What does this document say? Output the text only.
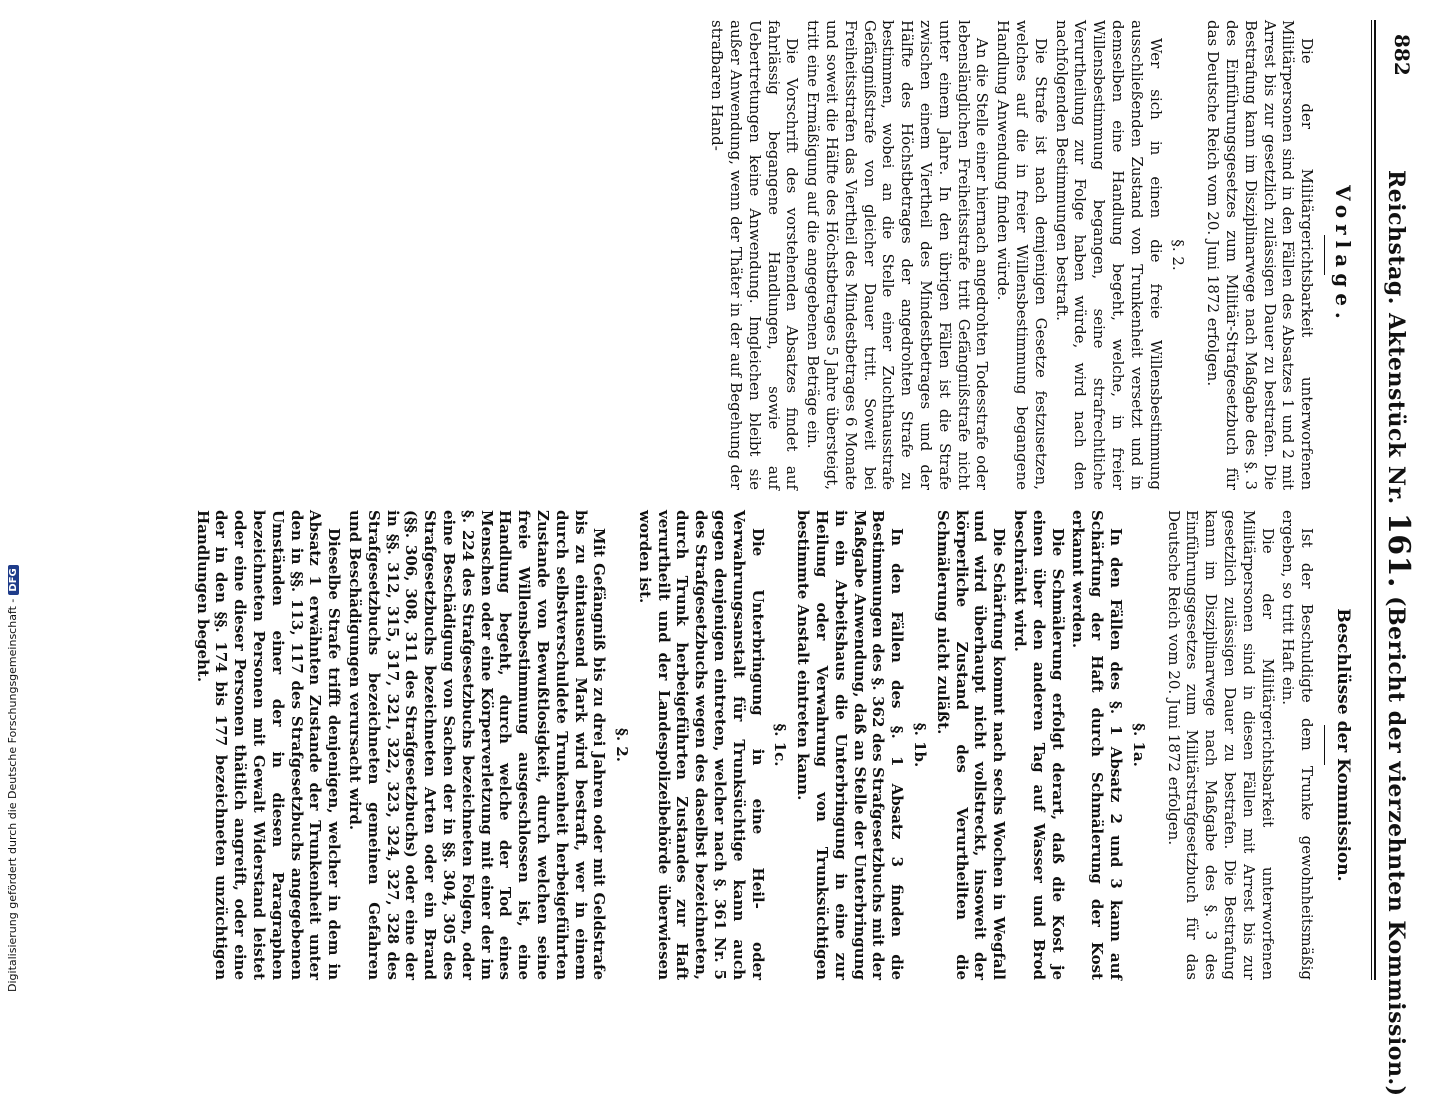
882
Reichstag. Aktenstück Nr. 161. (Bericht der vierzehnten Kommission.)
Vorlage.

Die der Militärgerichtsbarkeit unterworfenen Militärpersonen sind in den Fällen des Absatzes 1 und 2 mit Arrest bis zur gesetzlich zulässigen Dauer zu bestrafen. Die Bestrafung kann im Disziplinarwege nach Maßgabe des §. 3 des Einführungsgesetzes zum Militär-Strafgesetzbuch für das Deutsche Reich vom 20. Juni 1872 erfolgen.

§. 2.

Wer sich in einen die freie Willensbestimmung ausschließenden Zustand von Trunkenheit versetzt und in demselben eine Handlung begeht, welche, in freier Willensbestimmung begangen, seine strafrechtliche Verurtheilung zur Folge haben würde, wird nach den nachfolgenden Bestimmungen bestraft.

Die Strafe ist nach demjenigen Gesetze festzusetzen, welches auf die in freier Willensbestimmung begangene Handlung Anwendung finden würde.

An die Stelle einer hiernach angedrohten Todesstrafe oder lebenslänglichen Freiheitsstrafe tritt Gefängnißstrafe nicht unter einem Jahre. In den übrigen Fällen ist die Strafe zwischen einem Viertheil des Mindestbetrages und der Hälfte des Höchstbetrages der angedrohten Strafe zu bestimmen, wobei an die Stelle einer Zuchthausstrafe Gefängnißstrafe von gleicher Dauer tritt. Soweit bei Freiheitsstrafen das Viertheil des Mindestbetrages 6 Monate und soweit die Hälfte des Höchstbetrages 5 Jahre übersteigt, tritt eine Ermäßigung auf die angegebenen Beträge ein.

Die Vorschrift des vorstehenden Absatzes findet auf fahrlässig begangene Handlungen, sowie auf Uebertretungen keine Anwendung. Imgleichen bleibt sie außer Anwendung, wenn der Thäter in der auf Begehung der strafbaren Hand-

Beschlüsse der Kommission.

Ist der Beschuldigte dem Trunke gewohnheitsmäßig ergeben, so tritt Haft ein.

Die der Militärgerichtsbarkeit unterworfenen Militärpersonen sind in diesen Fällen mit Arrest bis zur gesetzlich zulässigen Dauer zu bestrafen. Die Bestrafung kann im Disziplinarwege nach Maßgabe des §. 3 des Einführungsgesetzes zum Militärstrafgesetzbuch für das Deutsche Reich vom 20. Juni 1872 erfolgen.

§. 1a.

In den Fällen des §. 1 Absatz 2 und 3 kann auf Schärfung der Haft durch Schmälerung der Kost erkannt werden.

Die Schmälerung erfolgt derart, daß die Kost je einen über den anderen Tag auf Wasser und Brod beschränkt wird.

Die Schärfung kommt nach sechs Wochen in Wegfall und wird überhaupt nicht vollstreckt, insoweit der körperliche Zustand des Verurtheilten die Schmälerung nicht zuläßt.

§. 1b.

In den Fällen des §. 1 Absatz 3 finden die Bestimmungen des §. 362 des Strafgesetzbuchs mit der Maßgabe Anwendung, daß an Stelle der Unterbringung in ein Arbeitshaus die Unterbringung in eine zur Heilung oder Verwahrung von Trunksüchtigen bestimmte Anstalt eintreten kann.

§. 1c.

Die Unterbringung in eine Heil- oder Verwahrungsanstalt für Trunksüchtige kann auch gegen denjenigen eintreten, welcher nach §. 361 Nr. 5 des Strafgesetzbuchs wegen des daselbst bezeichneten, durch Trunk herbeigeführten Zustandes zur Haft verurtheilt und der Landespolizeibehörde überwiesen worden ist.

§. 2.

Mit Gefängniß bis zu drei Jahren oder mit Geldstrafe bis zu eintausend Mark wird bestraft, wer in einem durch selbstverschuldete Trunkenheit herbeigeführten Zustande von Bewußtlosigkeit, durch welchen seine freie Willensbestimmung ausgeschlossen ist, eine Handlung begeht, durch welche der Tod eines Menschen oder eine Körperverletzung mit einer der im §. 224 des Strafgesetzbuchs bezeichneten Folgen, oder eine Beschädigung von Sachen der in §§. 304, 305 des Strafgesetzbuchs bezeichneten Arten oder ein Brand (§§. 306, 308, 311 des Strafgesetzbuchs) oder eine der in §§. 312, 315, 317, 321, 322, 323, 324, 327, 328 des Strafgesetzbuchs bezeichneten gemeinen Gefahren und Beschädigungen verursacht wird.

Dieselbe Strafe trifft denjenigen, welcher in dem in Absatz 1 erwähnten Zustande der Trunkenheit unter den in §§. 113, 117 des Strafgesetzbuchs angegebenen Umständen einer der in diesen Paragraphen bezeichneten Personen mit Gewalt Widerstand leistet oder eine dieser Personen thätlich angreift, oder eine der in den §§. 174 bis 177 bezeichneten unzüchtigen Handlungen begeht.

Digitalisierung gefördert durch die Deutsche Forschungsgemeinschaft -DFG
